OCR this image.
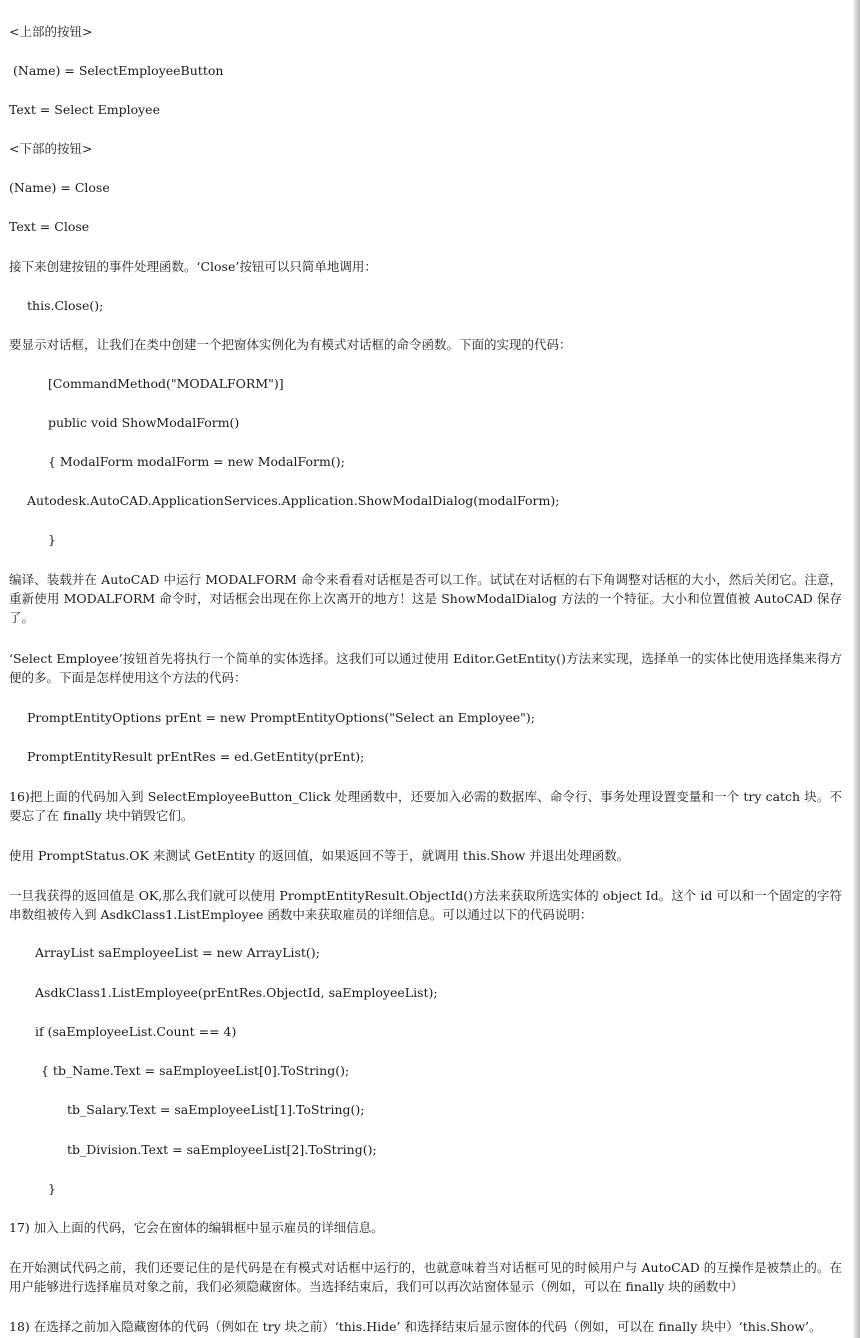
<上部的按钮>
(Name) = SelectEmployeeButton
Text = Select Employee
<下部的按钮>
(Name) = Close
Text = Close
接下来创建按钮的事件处理函数。‘Close’按钮可以只简单地调用：
this.Close();
要显示对话框，让我们在类中创建一个把窗体实例化为有模式对话框的命令函数。下面的实现的代码：
[CommandMethod("MODALFORM")]
public void ShowModalForm()
{ ModalForm modalForm = new ModalForm();
Autodesk.AutoCAD.ApplicationServices.Application.ShowModalDialog(modalForm);
}
编译、装载并在 AutoCAD 中运行 MODALFORM 命令来看看对话框是否可以工作。试试在对话框的右下角调整对话框的大小，然后关闭它。注意，重新使用 MODALFORM 命令时，对话框会出现在你上次离开的地方！这是 ShowModalDialog 方法的一个特征。大小和位置值被 AutoCAD 保存了。
‘Select Employee’按钮首先将执行一个简单的实体选择。这我们可以通过使用 Editor.GetEntity()方法来实现，选择单一的实体比使用选择集来得方便的多。下面是怎样使用这个方法的代码：
PromptEntityOptions prEnt = new PromptEntityOptions("Select an Employee");
PromptEntityResult prEntRes = ed.GetEntity(prEnt);
16)把上面的代码加入到 SelectEmployeeButton_Click 处理函数中，还要加入必需的数据库、命令行、事务处理设置变量和一个 try catch 块。不要忘了在 finally 块中销毁它们。
使用 PromptStatus.OK 来测试 GetEntity 的返回值，如果返回不等于，就调用 this.Show 并退出处理函数。
一旦我获得的返回值是 OK,那么我们就可以使用 PromptEntityResult.ObjectId()方法来获取所选实体的 object Id。这个 id 可以和一个固定的字符串数组被传入到 AsdkClass1.ListEmployee 函数中来获取雇员的详细信息。可以通过以下的代码说明：
ArrayList saEmployeeList = new ArrayList();
AsdkClass1.ListEmployee(prEntRes.ObjectId, saEmployeeList);
if (saEmployeeList.Count == 4)
{ tb_Name.Text = saEmployeeList[0].ToString();
tb_Salary.Text = saEmployeeList[1].ToString();
tb_Division.Text = saEmployeeList[2].ToString();
}
17) 加入上面的代码，它会在窗体的编辑框中显示雇员的详细信息。
在开始测试代码之前，我们还要记住的是代码是在有模式对话框中运行的，也就意味着当对话框可见的时候用户与 AutoCAD 的互操作是被禁止的。在用户能够进行选择雇员对象之前，我们必须隐藏窗体。当选择结束后，我们可以再次站窗体显示（例如，可以在 finally 块的函数中）
18) 在选择之前加入隐藏窗体的代码（例如在 try 块之前）‘this.Hide’ 和选择结束后显示窗体的代码（例如，可以在 finally 块中）‘this.Show’。
